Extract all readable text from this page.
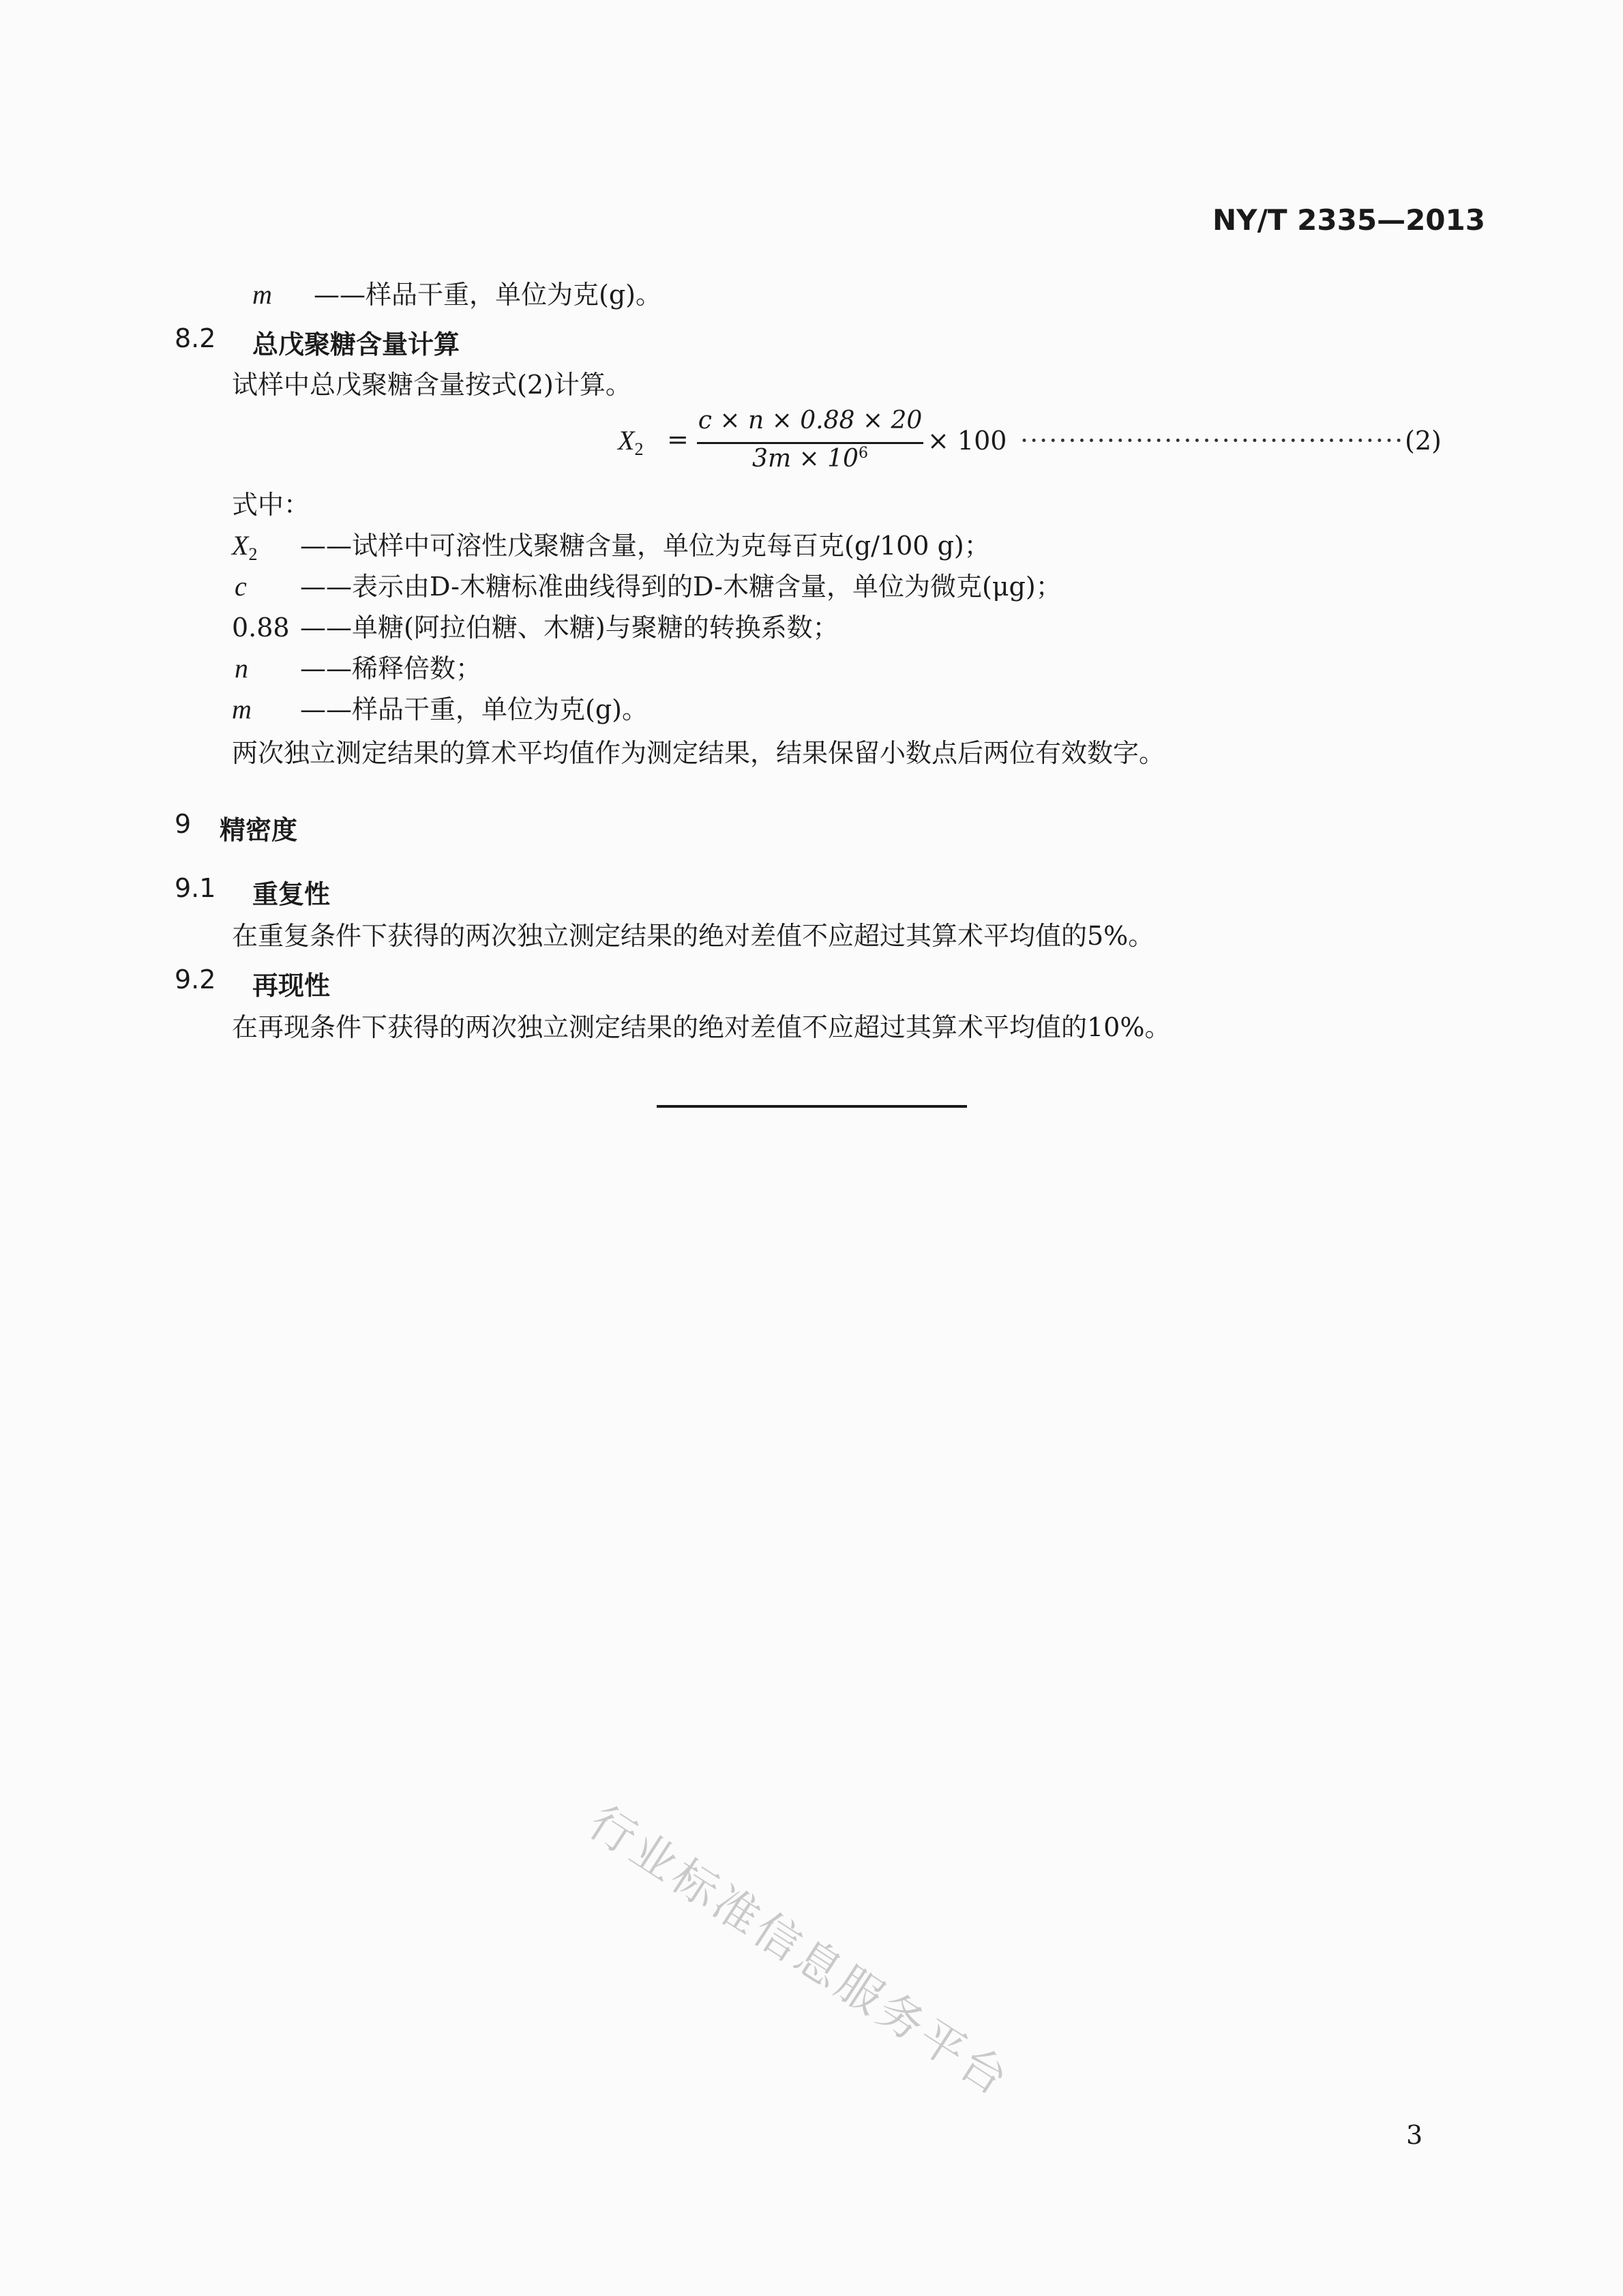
NY/T 2335—2013
m ——样品干重，单位为克(g)。
8.2 总戊聚糖含量计算
试样中总戊聚糖含量按式(2)计算。
$X_2$ =
c × n × 0.88 × 20
$3m \times 10^6$	× 100 ········································ (2)
式中：
$X_2$ ——试样中可溶性戊聚糖含量，单位为克每百克(g/100 g)；
c ——表示由D-木糖标准曲线得到的D-木糖含量，单位为微克(μg)；
0.88 ——单糖(阿拉伯糖、木糖)与聚糖的转换系数；
n ——稀释倍数；
m ——样品干重，单位为克(g)。
两次独立测定结果的算术平均值作为测定结果，结果保留小数点后两位有效数字。
9 精密度
9.1 重复性
在重复条件下获得的两次独立测定结果的绝对差值不应超过其算术平均值的5%。
9.2 再现性
在再现条件下获得的两次独立测定结果的绝对差值不应超过其算术平均值的10%。
行业标准信息服务平台
3
